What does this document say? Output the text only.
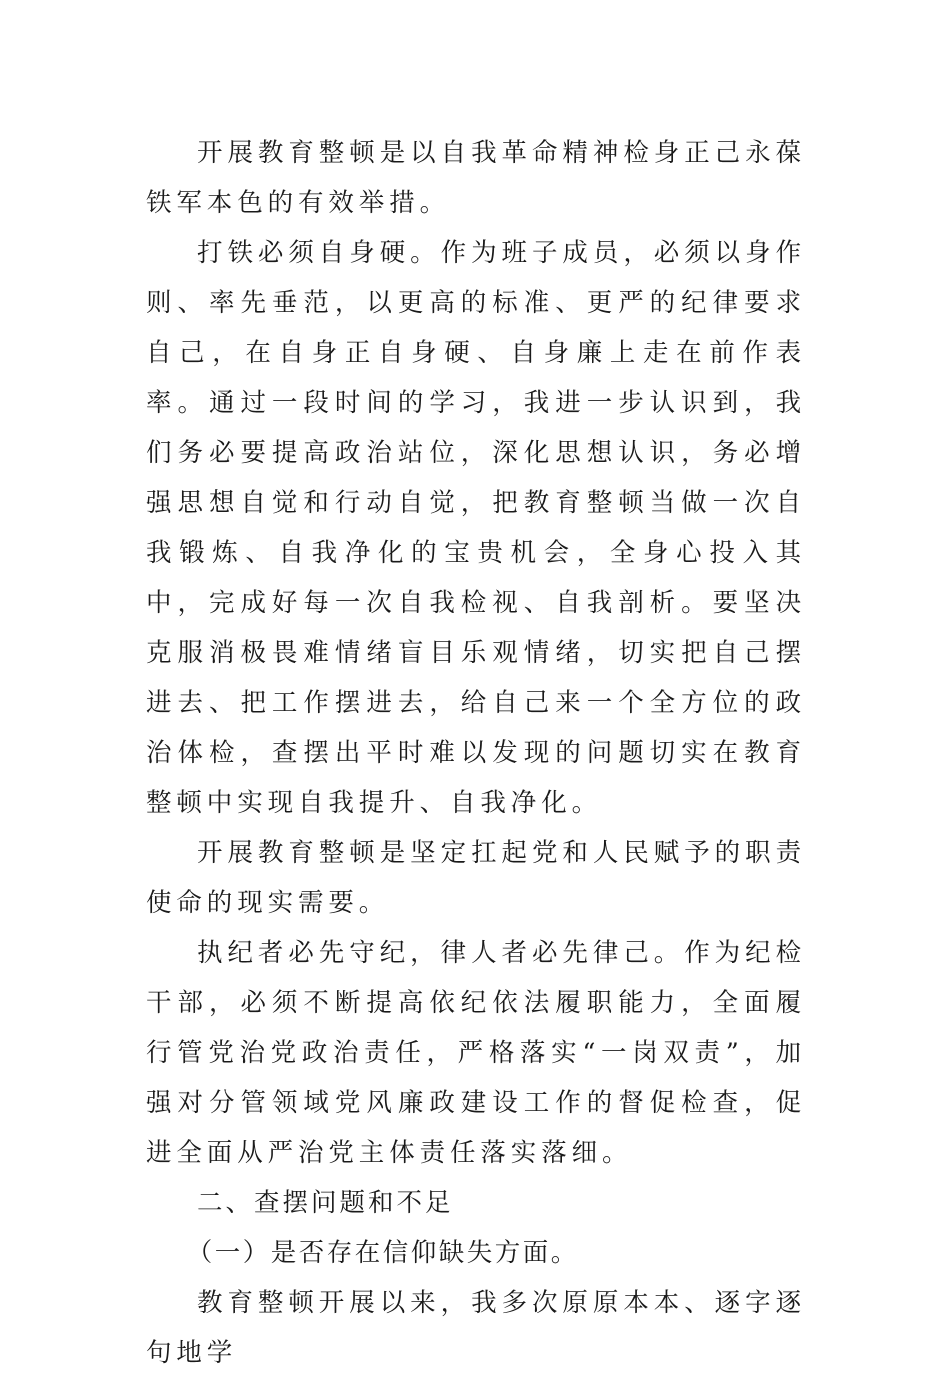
开展教育整顿是以自我革命精神检身正己永葆铁军本色的有效举措。

打铁必须自身硬。作为班子成员，必须以身作则、率先垂范，以更高的标准、更严的纪律要求自己，在自身正自身硬、自身廉上走在前作表率。通过一段时间的学习，我进一步认识到，我们务必要提高政治站位，深化思想认识，务必增强思想自觉和行动自觉，把教育整顿当做一次自我锻炼、自我净化的宝贵机会，全身心投入其中，完成好每一次自我检视、自我剖析。要坚决克服消极畏难情绪盲目乐观情绪，切实把自己摆进去、把工作摆进去，给自己来一个全方位的政治体检，查摆出平时难以发现的问题切实在教育整顿中实现自我提升、自我净化。

开展教育整顿是坚定扛起党和人民赋予的职责使命的现实需要。

执纪者必先守纪，律人者必先律己。作为纪检干部，必须不断提高依纪依法履职能力，全面履行管党治党政治责任，严格落实“一岗双责”，加强对分管领域党风廉政建设工作的督促检查，促进全面从严治党主体责任落实落细。

二、查摆问题和不足

（一）是否存在信仰缺失方面。

教育整顿开展以来，我多次原原本本、逐字逐句地学
